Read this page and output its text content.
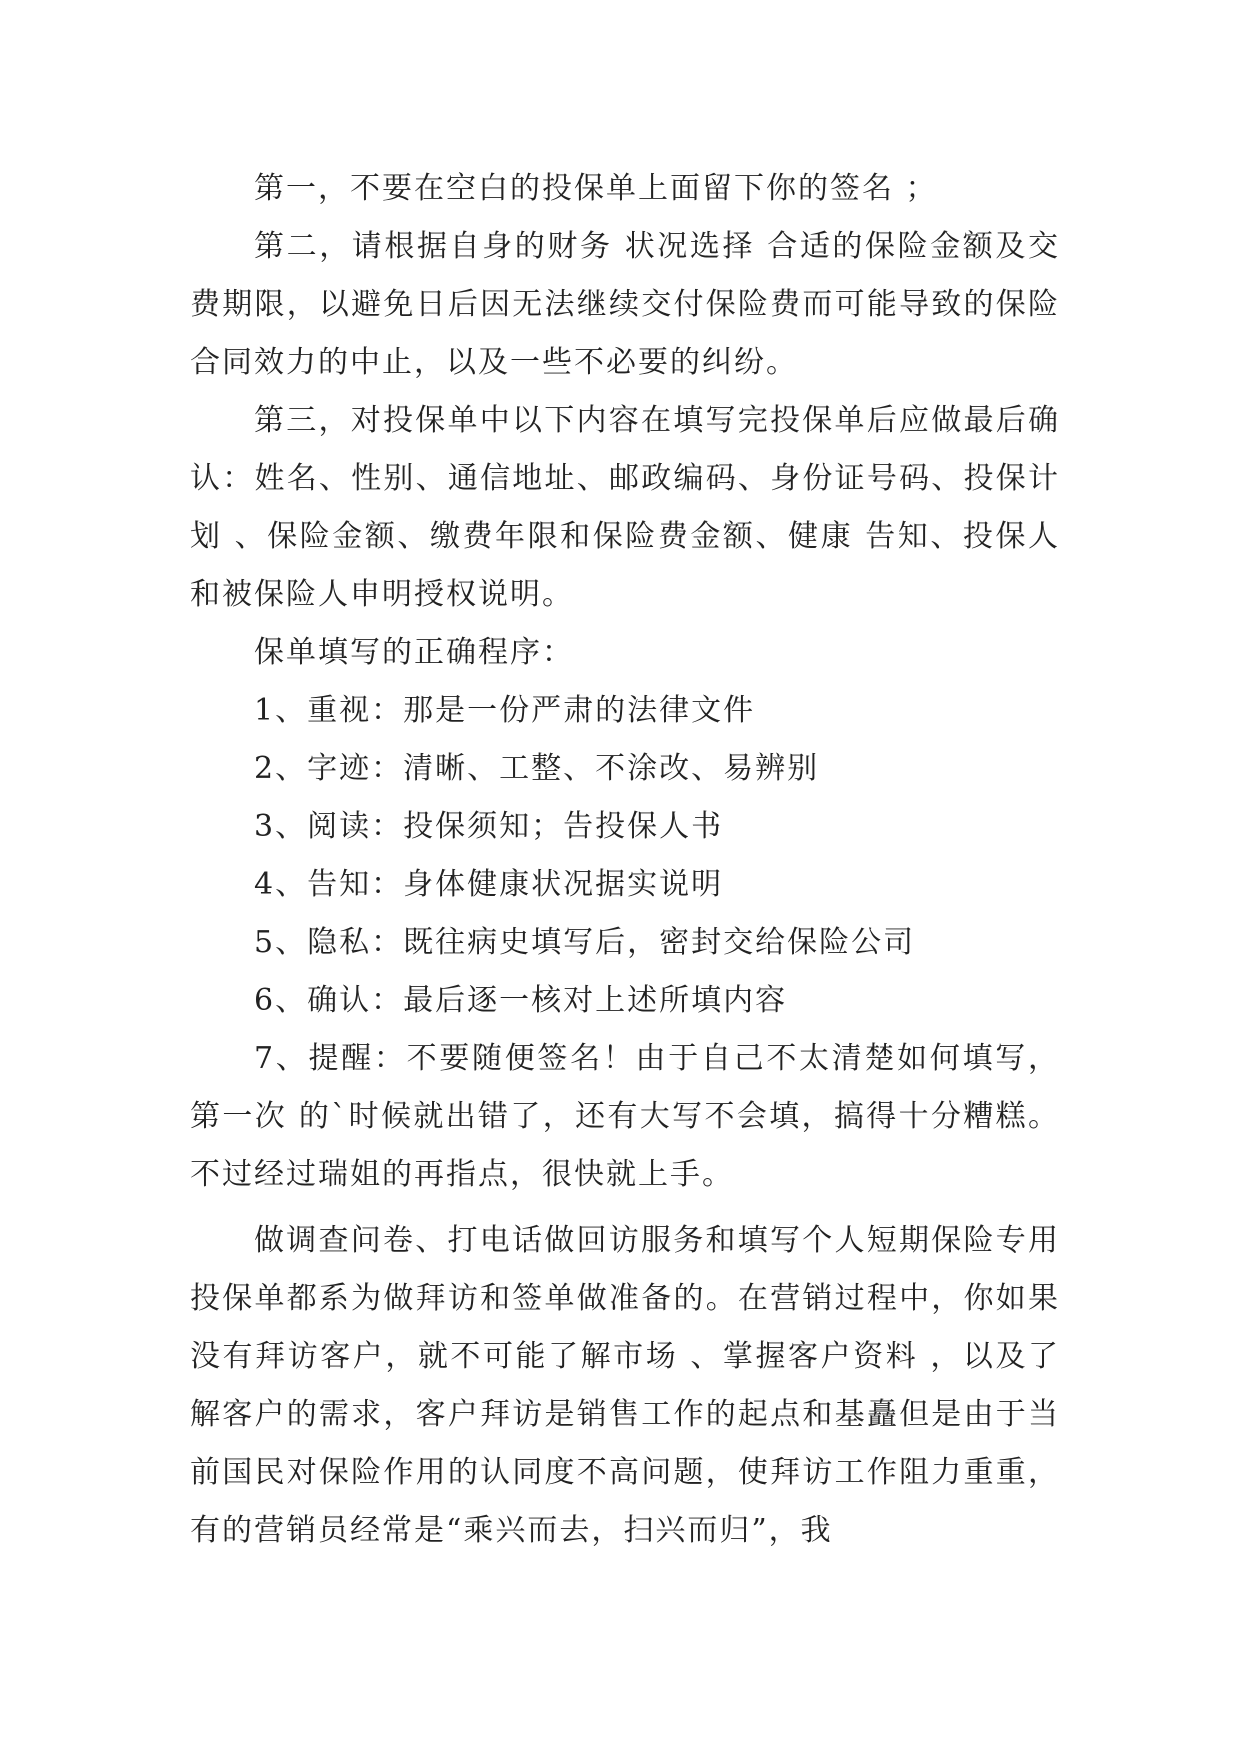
第一，不要在空白的投保单上面留下你的签名 ；

第二，请根据自身的财务 状况选择 合适的保险金额及交费期限，以避免日后因无法继续交付保险费而可能导致的保险合同效力的中止，以及一些不必要的纠纷。

第三，对投保单中以下内容在填写完投保单后应做最后确认：姓名、性别、通信地址、邮政编码、身份证号码、投保计划 、保险金额、缴费年限和保险费金额、健康 告知、投保人和被保险人申明授权说明。

保单填写的正确程序：

1、重视：那是一份严肃的法律文件

2、字迹：清晰、工整、不涂改、易辨别

3、阅读：投保须知；告投保人书

4、告知：身体健康状况据实说明

5、隐私：既往病史填写后，密封交给保险公司

6、确认：最后逐一核对上述所填内容

7、提醒：不要随便签名！由于自己不太清楚如何填写，第一次 的`时候就出错了，还有大写不会填，搞得十分糟糕。不过经过瑞姐的再指点，很快就上手。

做调查问卷、打电话做回访服务和填写个人短期保险专用投保单都系为做拜访和签单做准备的。在营销过程中，你如果没有拜访客户，就不可能了解市场 、掌握客户资料 ，以及了解客户的需求，客户拜访是销售工作的起点和基矗但是由于当前国民对保险作用的认同度不高问题，使拜访工作阻力重重，有的营销员经常是“乘兴而去，扫兴而归”，我
